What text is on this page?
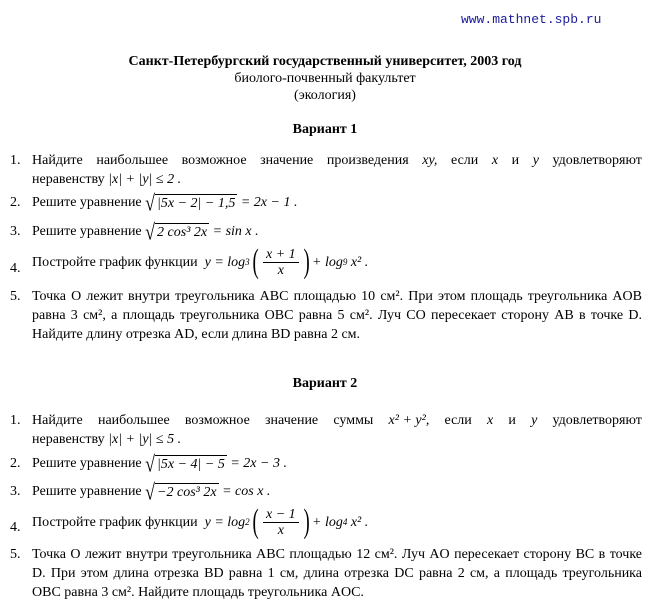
www.mathnet.spb.ru
Санкт-Петербургский государственный университет, 2003 год
биолого-почвенный факультет
(экология)
Вариант 1
1. Найдите наибольшее возможное значение произведения xy, если x и y удовлетворяют
неравенству |x| + |y| ≤ 2 .
2. Решите уравнение √ |5x − 2| − 1,5 = 2x − 1 .
3. Решите уравнение √ 2 cos³ 2x = sin x .
4. Постройте график функции
y = log 3 ( $\frac{x + 1}{x}$ ) + log 9
x² .
5. Точка O лежит внутри треугольника ABC площадью 10 см². При этом площадь треугольника AOB равна 3 см², а площадь треугольника OBC равна 5 см². Луч CO пересекает сторону AB в точке D. Найдите длину отрезка AD, если длина BD равна 2 см.
Вариант 2
1. Найдите наибольшее возможное значение суммы x² + y², если x и y удовлетворяют
неравенству |x| + |y| ≤ 5 .
2. Решите уравнение √ |5x − 4| − 5 = 2x − 3 .
3. Решите уравнение √ −2 cos³ 2x = cos x .
4. Постройте график функции
y = log 2 ( $\frac{x - 1}{x}$ ) + log 4
x² .
5. Точка O лежит внутри треугольника ABC площадью 12 см². Луч AO пересекает сторону BC в точке D. При этом длина отрезка BD равна 1 см, длина отрезка DC равна 2 см, а площадь треугольника OBC равна 3 см². Найдите площадь треугольника AOC.
